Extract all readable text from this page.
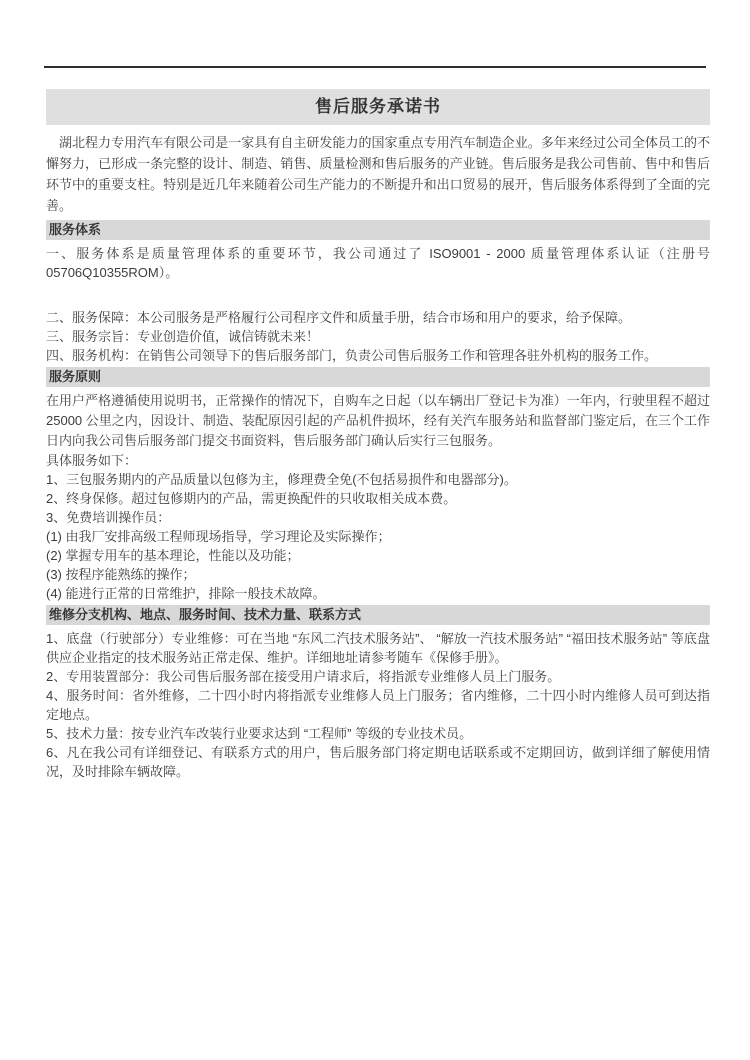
售后服务承诺书

湖北程力专用汽车有限公司是一家具有自主研发能力的国家重点专用汽车制造企业。多年来经过公司全体员工的不懈努力，已形成一条完整的设计、制造、销售、质量检测和售后服务的产业链。售后服务是我公司售前、售中和售后环节中的重要支柱。特别是近几年来随着公司生产能力的不断提升和出口贸易的展开，售后服务体系得到了全面的完善。

服务体系
一、服务体系是质量管理体系的重要环节，我公司通过了 ISO9001 - 2000 质量管理体系认证（注册号 05706Q10355ROM）。
二、服务保障：本公司服务是严格履行公司程序文件和质量手册，结合市场和用户的要求，给予保障。
三、服务宗旨：专业创造价值，诚信铸就未来！
四、服务机构：在销售公司领导下的售后服务部门，负责公司售后服务工作和管理各驻外机构的服务工作。
服务原则

在用户严格遵循使用说明书，正常操作的情况下，自购车之日起（以车辆出厂登记卡为准）一年内，行驶里程不超过 25000 公里之内，因设计、制造、装配原因引起的产品机件损坏，经有关汽车服务站和监督部门鉴定后，在三个工作日内向我公司售后服务部门提交书面资料，售后服务部门确认后实行三包服务。

具体服务如下：
1、三包服务期内的产品质量以包修为主，修理费全免(不包括易损件和电器部分)。
2、终身保修。超过包修期内的产品，需更换配件的只收取相关成本费。
3、免费培训操作员：
(1) 由我厂安排高级工程师现场指导，学习理论及实际操作；
(2) 掌握专用车的基本理论，性能以及功能；
(3) 按程序能熟练的操作；
(4) 能进行正常的日常维护，排除一般技术故障。
维修分支机构、地点、服务时间、技术力量、联系方式
1、底盘（行驶部分）专业维修：可在当地 “东风二汽技术服务站”、 “解放一汽技术服务站” “福田技术服务站” 等底盘供应企业指定的技术服务站正常走保、维护。详细地址请参考随车《保修手册》。
2、专用装置部分：我公司售后服务部在接受用户请求后，将指派专业维修人员上门服务。
4、服务时间：省外维修，二十四小时内将指派专业维修人员上门服务；省内维修，二十四小时内维修人员可到达指定地点。
5、技术力量：按专业汽车改装行业要求达到 “工程师” 等级的专业技术员。
6、凡在我公司有详细登记、有联系方式的用户，售后服务部门将定期电话联系或不定期回访，做到详细了解使用情况，及时排除车辆故障。
